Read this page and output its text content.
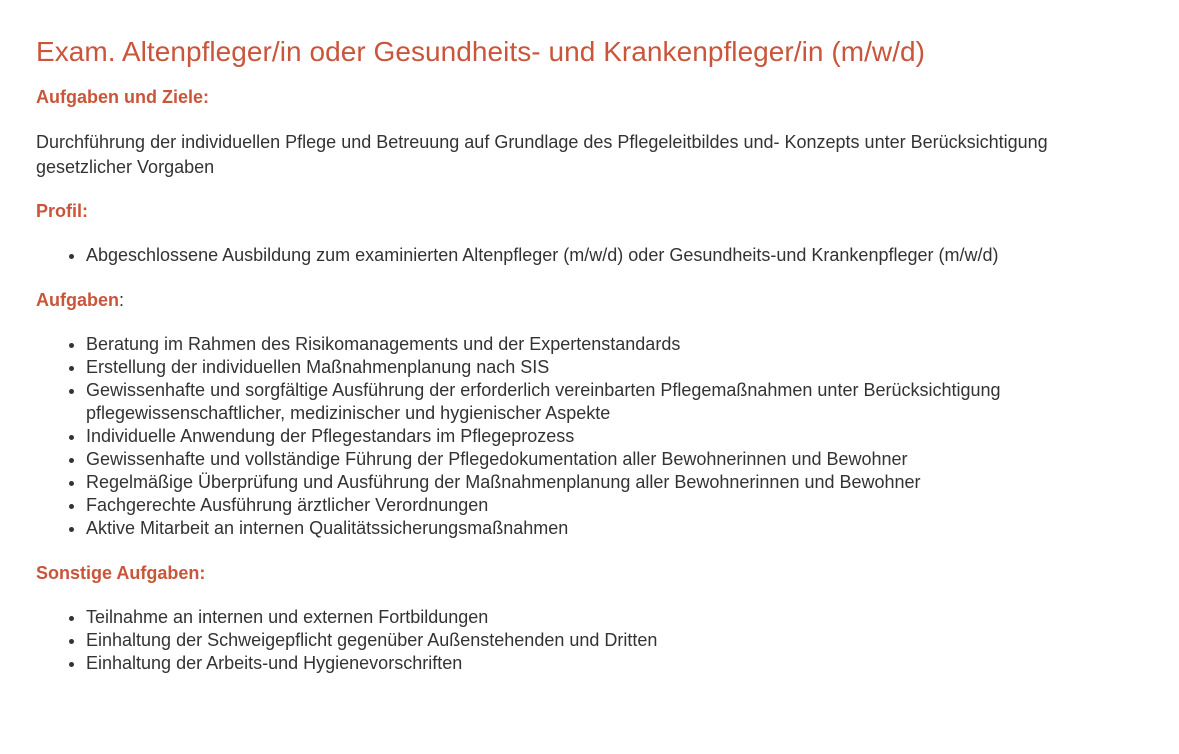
Exam. Altenpfleger/in oder Gesundheits- und Krankenpfleger/in (m/w/d)
Aufgaben und Ziele:

Durchführung der individuellen Pflege und Betreuung auf Grundlage des Pflegeleitbildes und- Konzepts unter Berücksichtigung gesetzlicher Vorgaben

Profil:
• Abgeschlossene Ausbildung zum examinierten Altenpfleger (m/w/d) oder Gesundheits-und Krankenpfleger (m/w/d)
Aufgaben:
• Beratung im Rahmen des Risikomanagements und der Expertenstandards
• Erstellung der individuellen Maßnahmenplanung nach SIS
• Gewissenhafte und sorgfältige Ausführung der erforderlich vereinbarten Pflegemaßnahmen unter Berücksichtigung pflegewissenschaftlicher, medizinischer und hygienischer Aspekte
• Individuelle Anwendung der Pflegestandars im Pflegeprozess
• Gewissenhafte und vollständige Führung der Pflegedokumentation aller Bewohnerinnen und Bewohner
• Regelmäßige Überprüfung und Ausführung der Maßnahmenplanung aller Bewohnerinnen und Bewohner
• Fachgerechte Ausführung ärztlicher Verordnungen
• Aktive Mitarbeit an internen Qualitätssicherungsmaßnahmen
Sonstige Aufgaben:
• Teilnahme an internen und externen Fortbildungen
• Einhaltung der Schweigepflicht gegenüber Außenstehenden und Dritten
• Einhaltung der Arbeits-und Hygienevorschriften
